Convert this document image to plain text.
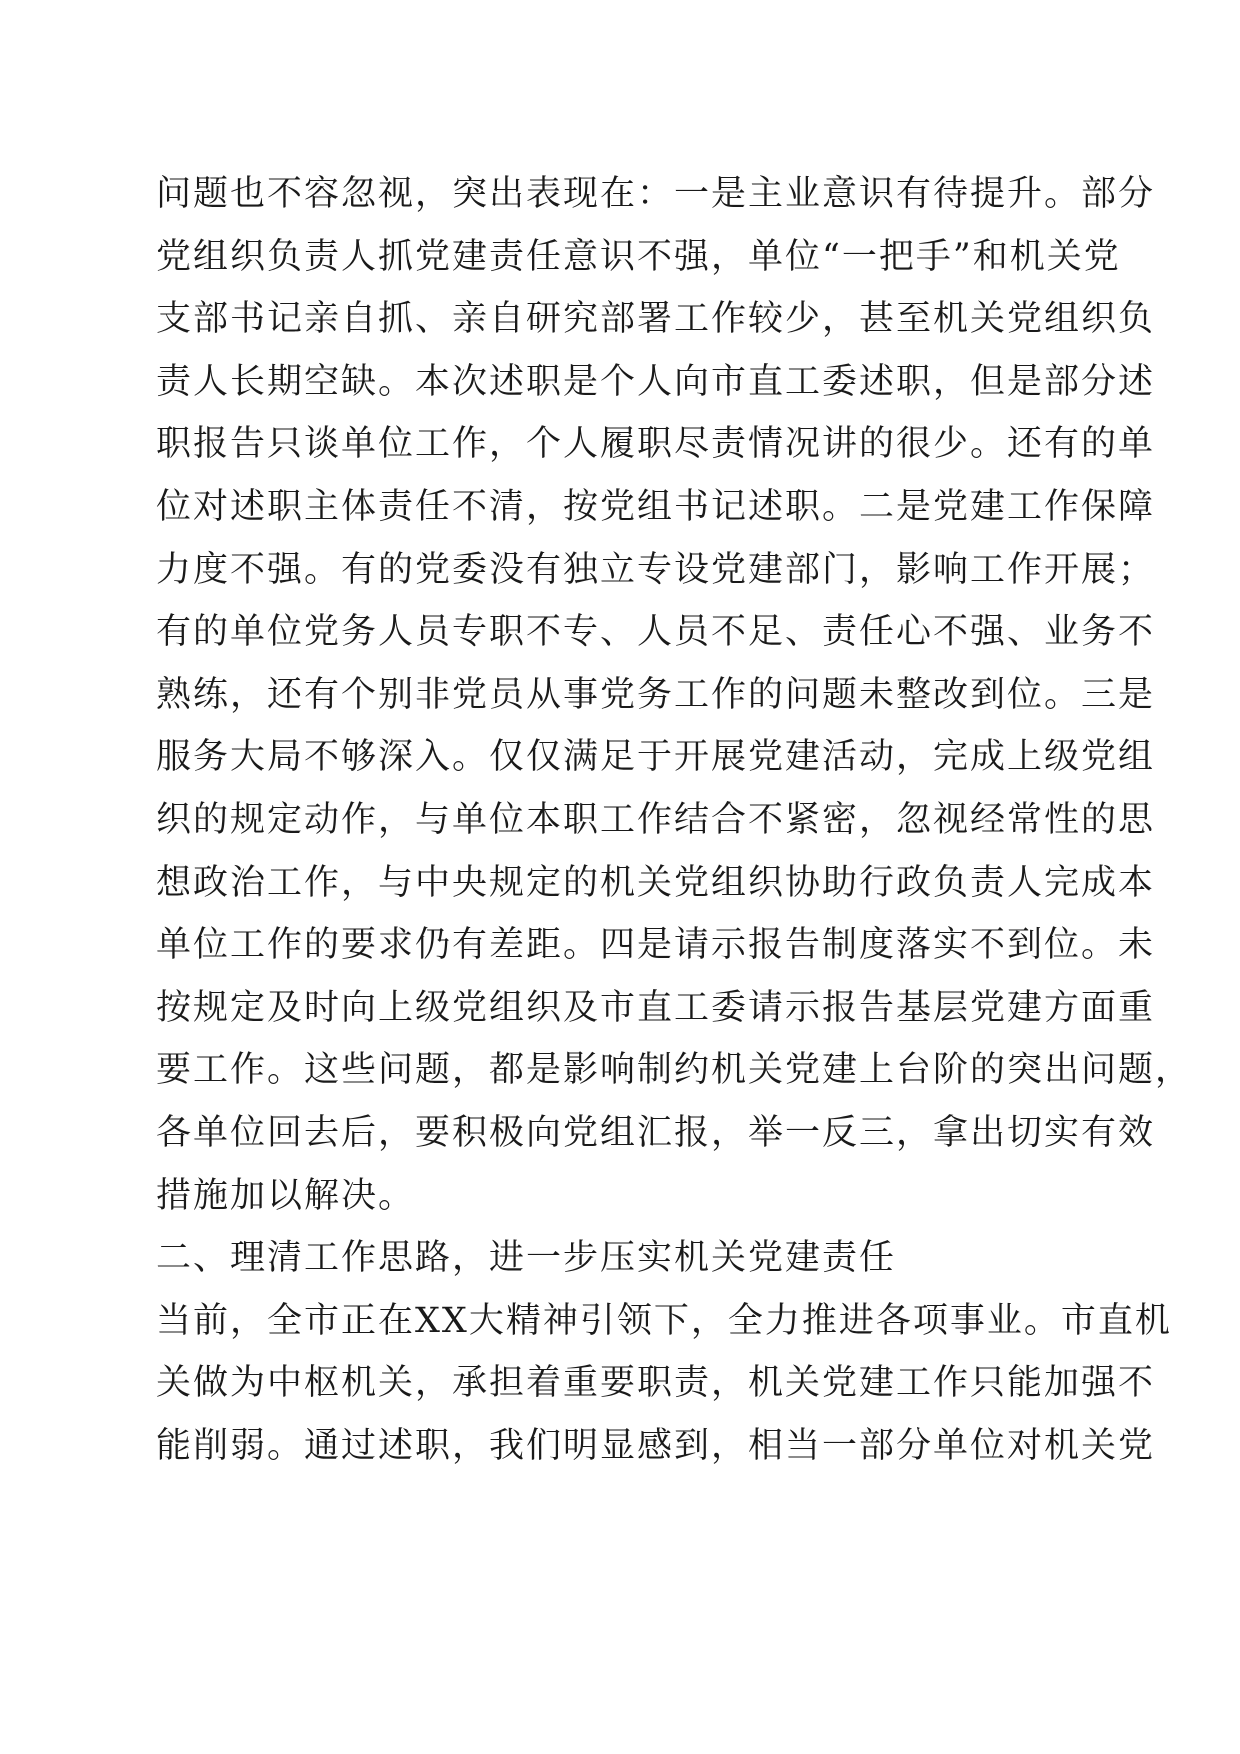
问题也不容忽视，突出表现在：一是主业意识有待提升。部分
党组织负责人抓党建责任意识不强，单位“一把手”和机关党
支部书记亲自抓、亲自研究部署工作较少，甚至机关党组织负
责人长期空缺。本次述职是个人向市直工委述职，但是部分述
职报告只谈单位工作，个人履职尽责情况讲的很少。还有的单
位对述职主体责任不清，按党组书记述职。二是党建工作保障
力度不强。有的党委没有独立专设党建部门，影响工作开展；
有的单位党务人员专职不专、人员不足、责任心不强、业务不
熟练，还有个别非党员从事党务工作的问题未整改到位。三是
服务大局不够深入。仅仅满足于开展党建活动，完成上级党组
织的规定动作，与单位本职工作结合不紧密，忽视经常性的思
想政治工作，与中央规定的机关党组织协助行政负责人完成本
单位工作的要求仍有差距。四是请示报告制度落实不到位。未
按规定及时向上级党组织及市直工委请示报告基层党建方面重
要工作。这些问题，都是影响制约机关党建上台阶的突出问题，
各单位回去后，要积极向党组汇报，举一反三，拿出切实有效
措施加以解决。
二、理清工作思路，进一步压实机关党建责任
当前，全市正在XX大精神引领下，全力推进各项事业。市直机
关做为中枢机关，承担着重要职责，机关党建工作只能加强不
能削弱。通过述职，我们明显感到，相当一部分单位对机关党
